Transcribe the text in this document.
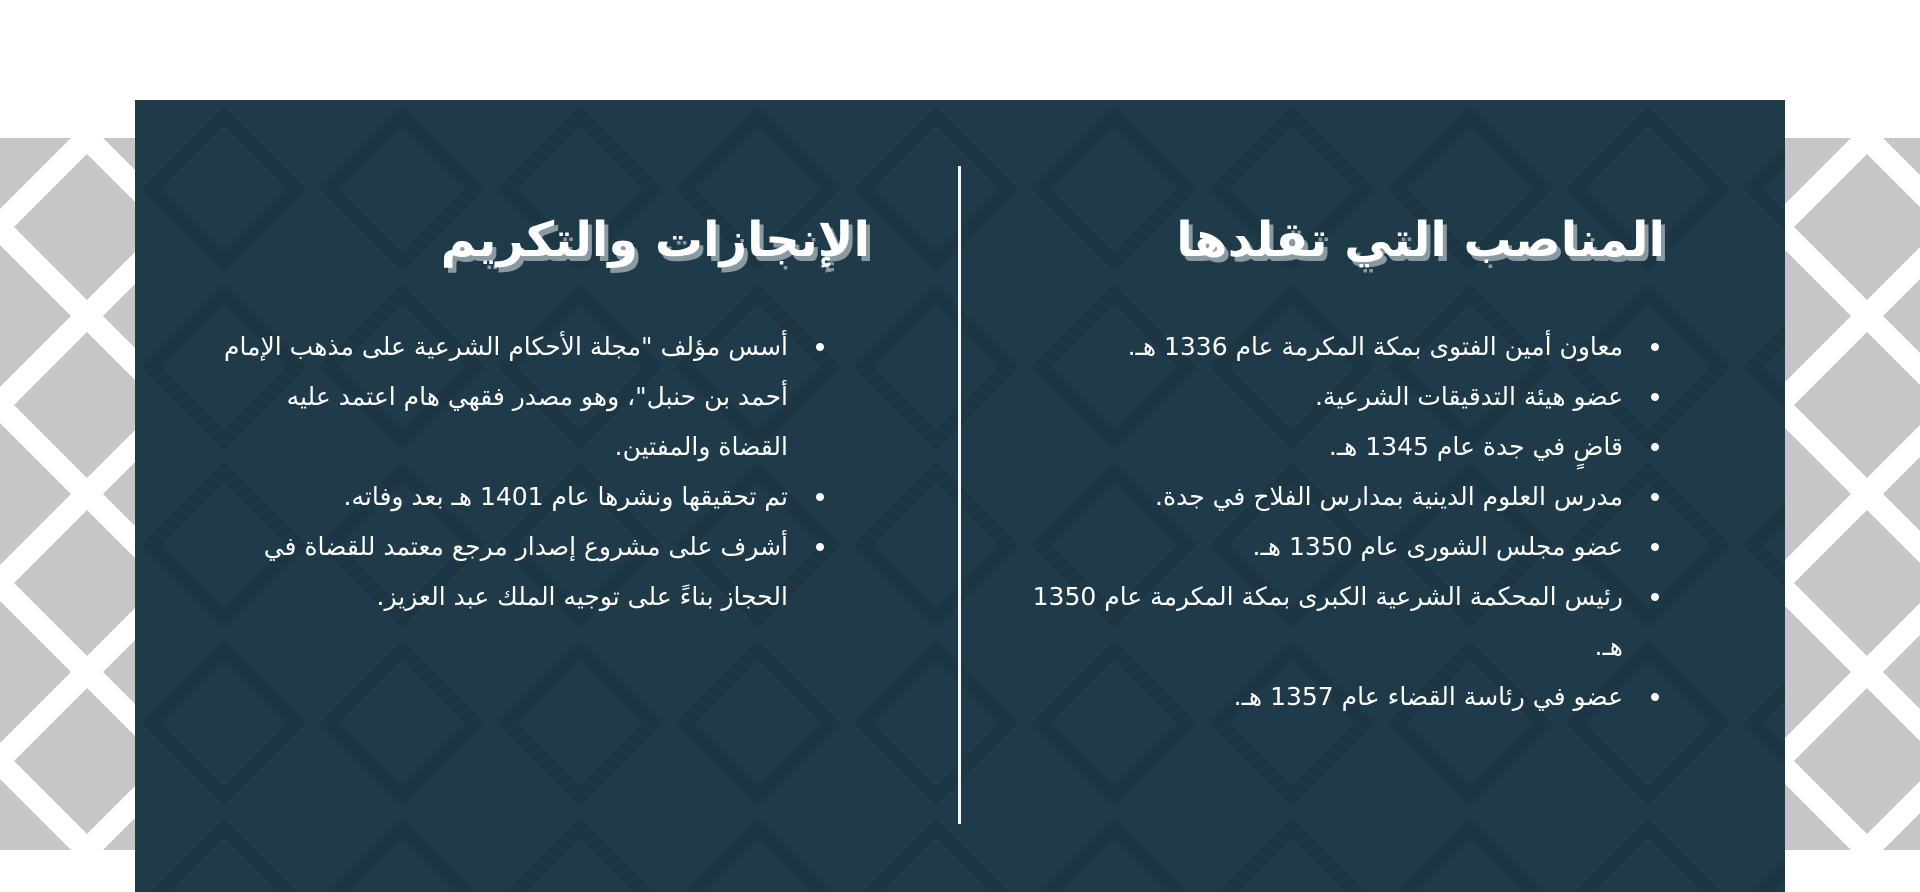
المناصب التي تقلدها
معاون أمين الفتوى بمكة المكرمة عام 1336 هـ.
عضو هيئة التدقيقات الشرعية.
قاضٍ في جدة عام 1345 هـ.
مدرس العلوم الدينية بمدارس الفلاح في جدة.
عضو مجلس الشورى عام 1350 هـ.
رئيس المحكمة الشرعية الكبرى بمكة المكرمة عام 1350 هـ.
عضو في رئاسة القضاء عام 1357 هـ.
الإنجازات والتكريم
أسس مؤلف "مجلة الأحكام الشرعية على مذهب الإمام أحمد بن حنبل"، وهو مصدر فقهي هام اعتمد عليه القضاة والمفتين.
تم تحقيقها ونشرها عام 1401 هـ بعد وفاته.
أشرف على مشروع إصدار مرجع معتمد للقضاة في الحجاز بناءً على توجيه الملك عبد العزيز.
